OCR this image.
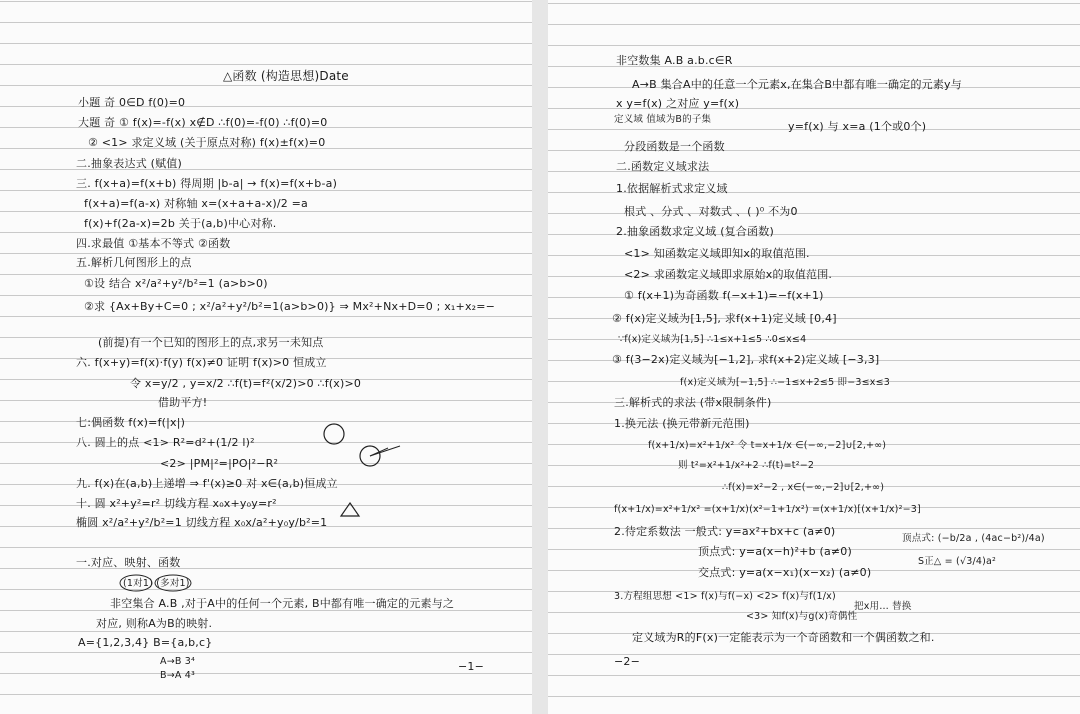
△函数 (构造思想)Date
小题 奇 0∈D f(0)=0
大题 奇 ① f(x)=-f(x) x∉D ∴f(0)=-f(0) ∴f(0)=0
② <1> 求定义域 (关于原点对称) f(x)±f(x)=0
二.抽象表达式 (赋值)
三. f(x+a)=f(x+b) 得周期 |b-a| → f(x)=f(x+b-a)
f(x+a)=f(a-x) 对称轴 x=(x+a+a-x)/2 =a
f(x)+f(2a-x)=2b 关于(a,b)中心对称.
四.求最值 ①基本不等式 ②函数
五.解析几何图形上的点
①设 结合 x²/a²+y²/b²=1 (a>b>0)
②求 {Ax+By+C=0 ; x²/a²+y²/b²=1(a>b>0)} ⇒ Mx²+Nx+D=0 ; x₁+x₂=−
(前提)有一个已知的图形上的点,求另一未知点
六. f(x+y)=f(x)·f(y) f(x)≠0 证明 f(x)>0 恒成立
令 x=y/2 , y=x/2 ∴f(t)=f²(x/2)>0 ∴f(x)>0
借助平方!
七:偶函数 f(x)=f(|x|)
八. 圆上的点 <1> R²=d²+(1/2 l)²
<2> |PM|²=|PO|²−R²
九. f(x)在(a,b)上递增 ⇒ f'(x)≥0 对 x∈(a,b)恒成立
十. 圆 x²+y²=r² 切线方程 x₀x+y₀y=r²
椭圆 x²/a²+y²/b²=1 切线方程 x₀x/a²+y₀y/b²=1
一.对应、映射、函数
(1对1) (多对1)
非空集合 A.B ,对于A中的任何一个元素, B中都有唯一确定的元素与之
对应, 则称A为B的映射.
A={1,2,3,4} B={a,b,c}
A→B 3⁴
B→A 4³
−1−
非空数集 A.B a.b.c∈R
A→B 集合A中的任意一个元素x,在集合B中都有唯一确定的元素y与
x y=f(x) 之对应 y=f(x)
定义域 值域为B的子集
y=f(x) 与 x=a (1个或0个)
分段函数是一个函数
二.函数定义域求法
1.依据解析式求定义域
根式 、分式 、对数式 、( )⁰ 不为0
2.抽象函数求定义域 (复合函数)
<1> 知函数定义域即知x的取值范围.
<2> 求函数定义域即求原始x的取值范围.
① f(x+1)为奇函数 f(−x+1)=−f(x+1)
② f(x)定义域为[1,5], 求f(x+1)定义域 [0,4]
∵f(x)定义域为[1,5] ∴1≤x+1≤5 ∴0≤x≤4
③ f(3−2x)定义域为[−1,2], 求f(x+2)定义域 [−3,3]
f(x)定义域为[−1,5] ∴−1≤x+2≤5 即−3≤x≤3
三.解析式的求法 (带x限制条件)
1.换元法 (换元带新元范围)
f(x+1/x)=x²+1/x² 令 t=x+1/x ∈(−∞,−2]∪[2,+∞)
则 t²=x²+1/x²+2 ∴f(t)=t²−2
∴f(x)=x²−2 , x∈(−∞,−2]∪[2,+∞)
f(x+1/x)=x²+1/x² =(x+1/x)(x²−1+1/x²) =(x+1/x)[(x+1/x)²−3]
2.待定系数法 一般式: y=ax²+bx+c (a≠0)
顶点式: (−b/2a , (4ac−b²)/4a)
顶点式: y=a(x−h)²+b (a≠0)
S正△ = (√3/4)a²
交点式: y=a(x−x₁)(x−x₂) (a≠0)
3.方程组思想 <1> f(x)与f(−x) <2> f(x)与f(1/x)
<3> 知f(x)与g(x)奇偶性
把x用… 替换
定义域为R的F(x)一定能表示为一个奇函数和一个偶函数之和.
−2−
